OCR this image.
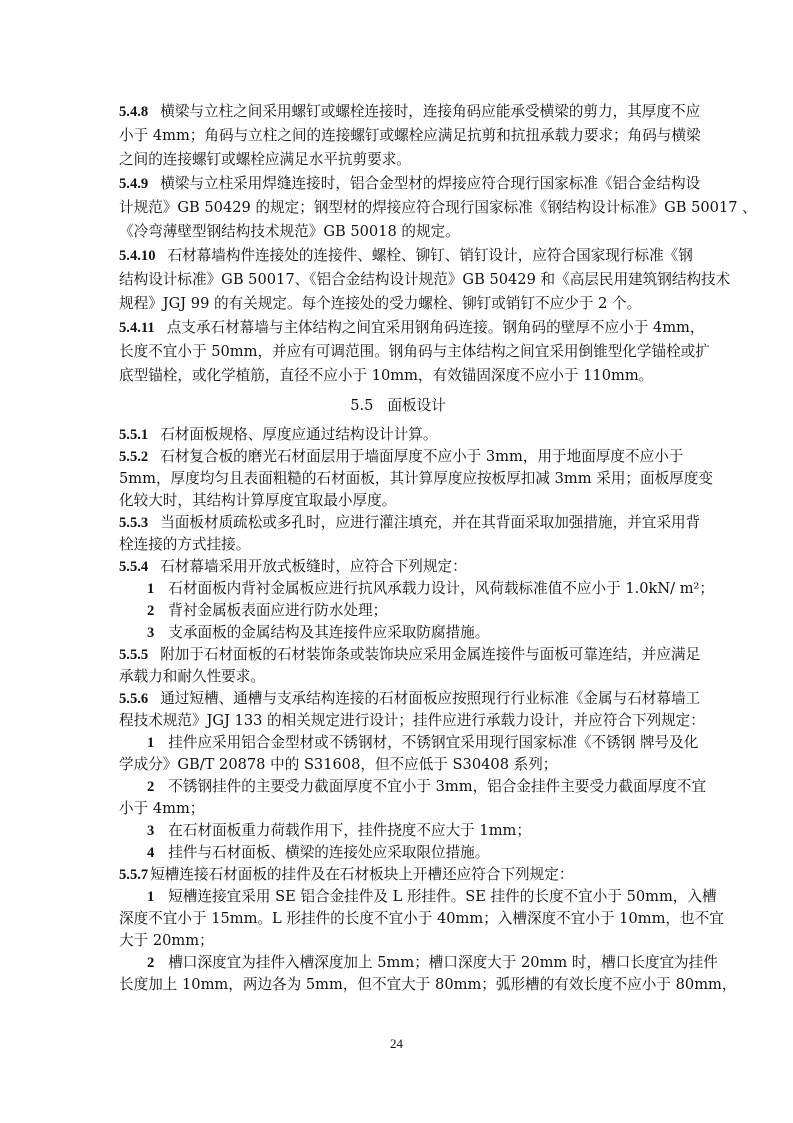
5.4.8 横梁与立柱之间采用螺钉或螺栓连接时，连接角码应能承受横梁的剪力，其厚度不应
小于 4mm；角码与立柱之间的连接螺钉或螺栓应满足抗剪和抗扭承载力要求；角码与横梁
之间的连接螺钉或螺栓应满足水平抗剪要求。
5.4.9 横梁与立柱采用焊缝连接时，铝合金型材的焊接应符合现行国家标准《铝合金结构设
计规范》GB 50429 的规定；钢型材的焊接应符合现行国家标准《钢结构设计标准》GB 50017 、
《冷弯薄壁型钢结构技术规范》GB 50018 的规定。
5.4.10 石材幕墙构件连接处的连接件、螺栓、铆钉、销钉设计，应符合国家现行标准《钢
结构设计标准》GB 50017、《铝合金结构设计规范》GB 50429 和《高层民用建筑钢结构技术
规程》JGJ 99 的有关规定。每个连接处的受力螺栓、铆钉或销钉不应少于 2 个。
5.4.11 点支承石材幕墙与主体结构之间宜采用钢角码连接。钢角码的壁厚不应小于 4mm，
长度不宜小于 50mm，并应有可调范围。钢角码与主体结构之间宜采用倒锥型化学锚栓或扩
底型锚栓，或化学植筋，直径不应小于 10mm，有效锚固深度不应小于 110mm。
5.5 面板设计
5.5.1 石材面板规格、厚度应通过结构设计计算。
5.5.2 石材复合板的磨光石材面层用于墙面厚度不应小于 3mm，用于地面厚度不应小于
5mm，厚度均匀且表面粗糙的石材面板，其计算厚度应按板厚扣减 3mm 采用；面板厚度变
化较大时，其结构计算厚度宜取最小厚度。
5.5.3 当面板材质疏松或多孔时，应进行灌注填充，并在其背面采取加强措施，并宜采用背
栓连接的方式挂接。
5.5.4 石材幕墙采用开放式板缝时，应符合下列规定：
1 石材面板内背衬金属板应进行抗风承载力设计，风荷载标准值不应小于 1.0kN/ m²；
2 背衬金属板表面应进行防水处理；
3 支承面板的金属结构及其连接件应采取防腐措施。
5.5.5 附加于石材面板的石材装饰条或装饰块应采用金属连接件与面板可靠连结，并应满足
承载力和耐久性要求。
5.5.6 通过短槽、通槽与支承结构连接的石材面板应按照现行行业标准《金属与石材幕墙工
程技术规范》JGJ 133 的相关规定进行设计；挂件应进行承载力设计，并应符合下列规定：
1 挂件应采用铝合金型材或不锈钢材，不锈钢宜采用现行国家标准《不锈钢 牌号及化
学成分》GB/T 20878 中的 S31608，但不应低于 S30408 系列；
2 不锈钢挂件的主要受力截面厚度不宜小于 3mm，铝合金挂件主要受力截面厚度不宜
小于 4mm；
3 在石材面板重力荷载作用下，挂件挠度不应大于 1mm；
4 挂件与石材面板、横梁的连接处应采取限位措施。
5.5.7 短槽连接石材面板的挂件及在石材板块上开槽还应符合下列规定：
1 短槽连接宜采用 SE 铝合金挂件及 L 形挂件。SE 挂件的长度不宜小于 50mm，入槽
深度不宜小于 15mm。L 形挂件的长度不宜小于 40mm；入槽深度不宜小于 10mm，也不宜
大于 20mm；
2 槽口深度宜为挂件入槽深度加上 5mm；槽口深度大于 20mm 时，槽口长度宜为挂件
长度加上 10mm，两边各为 5mm，但不宜大于 80mm；弧形槽的有效长度不应小于 80mm，
24
